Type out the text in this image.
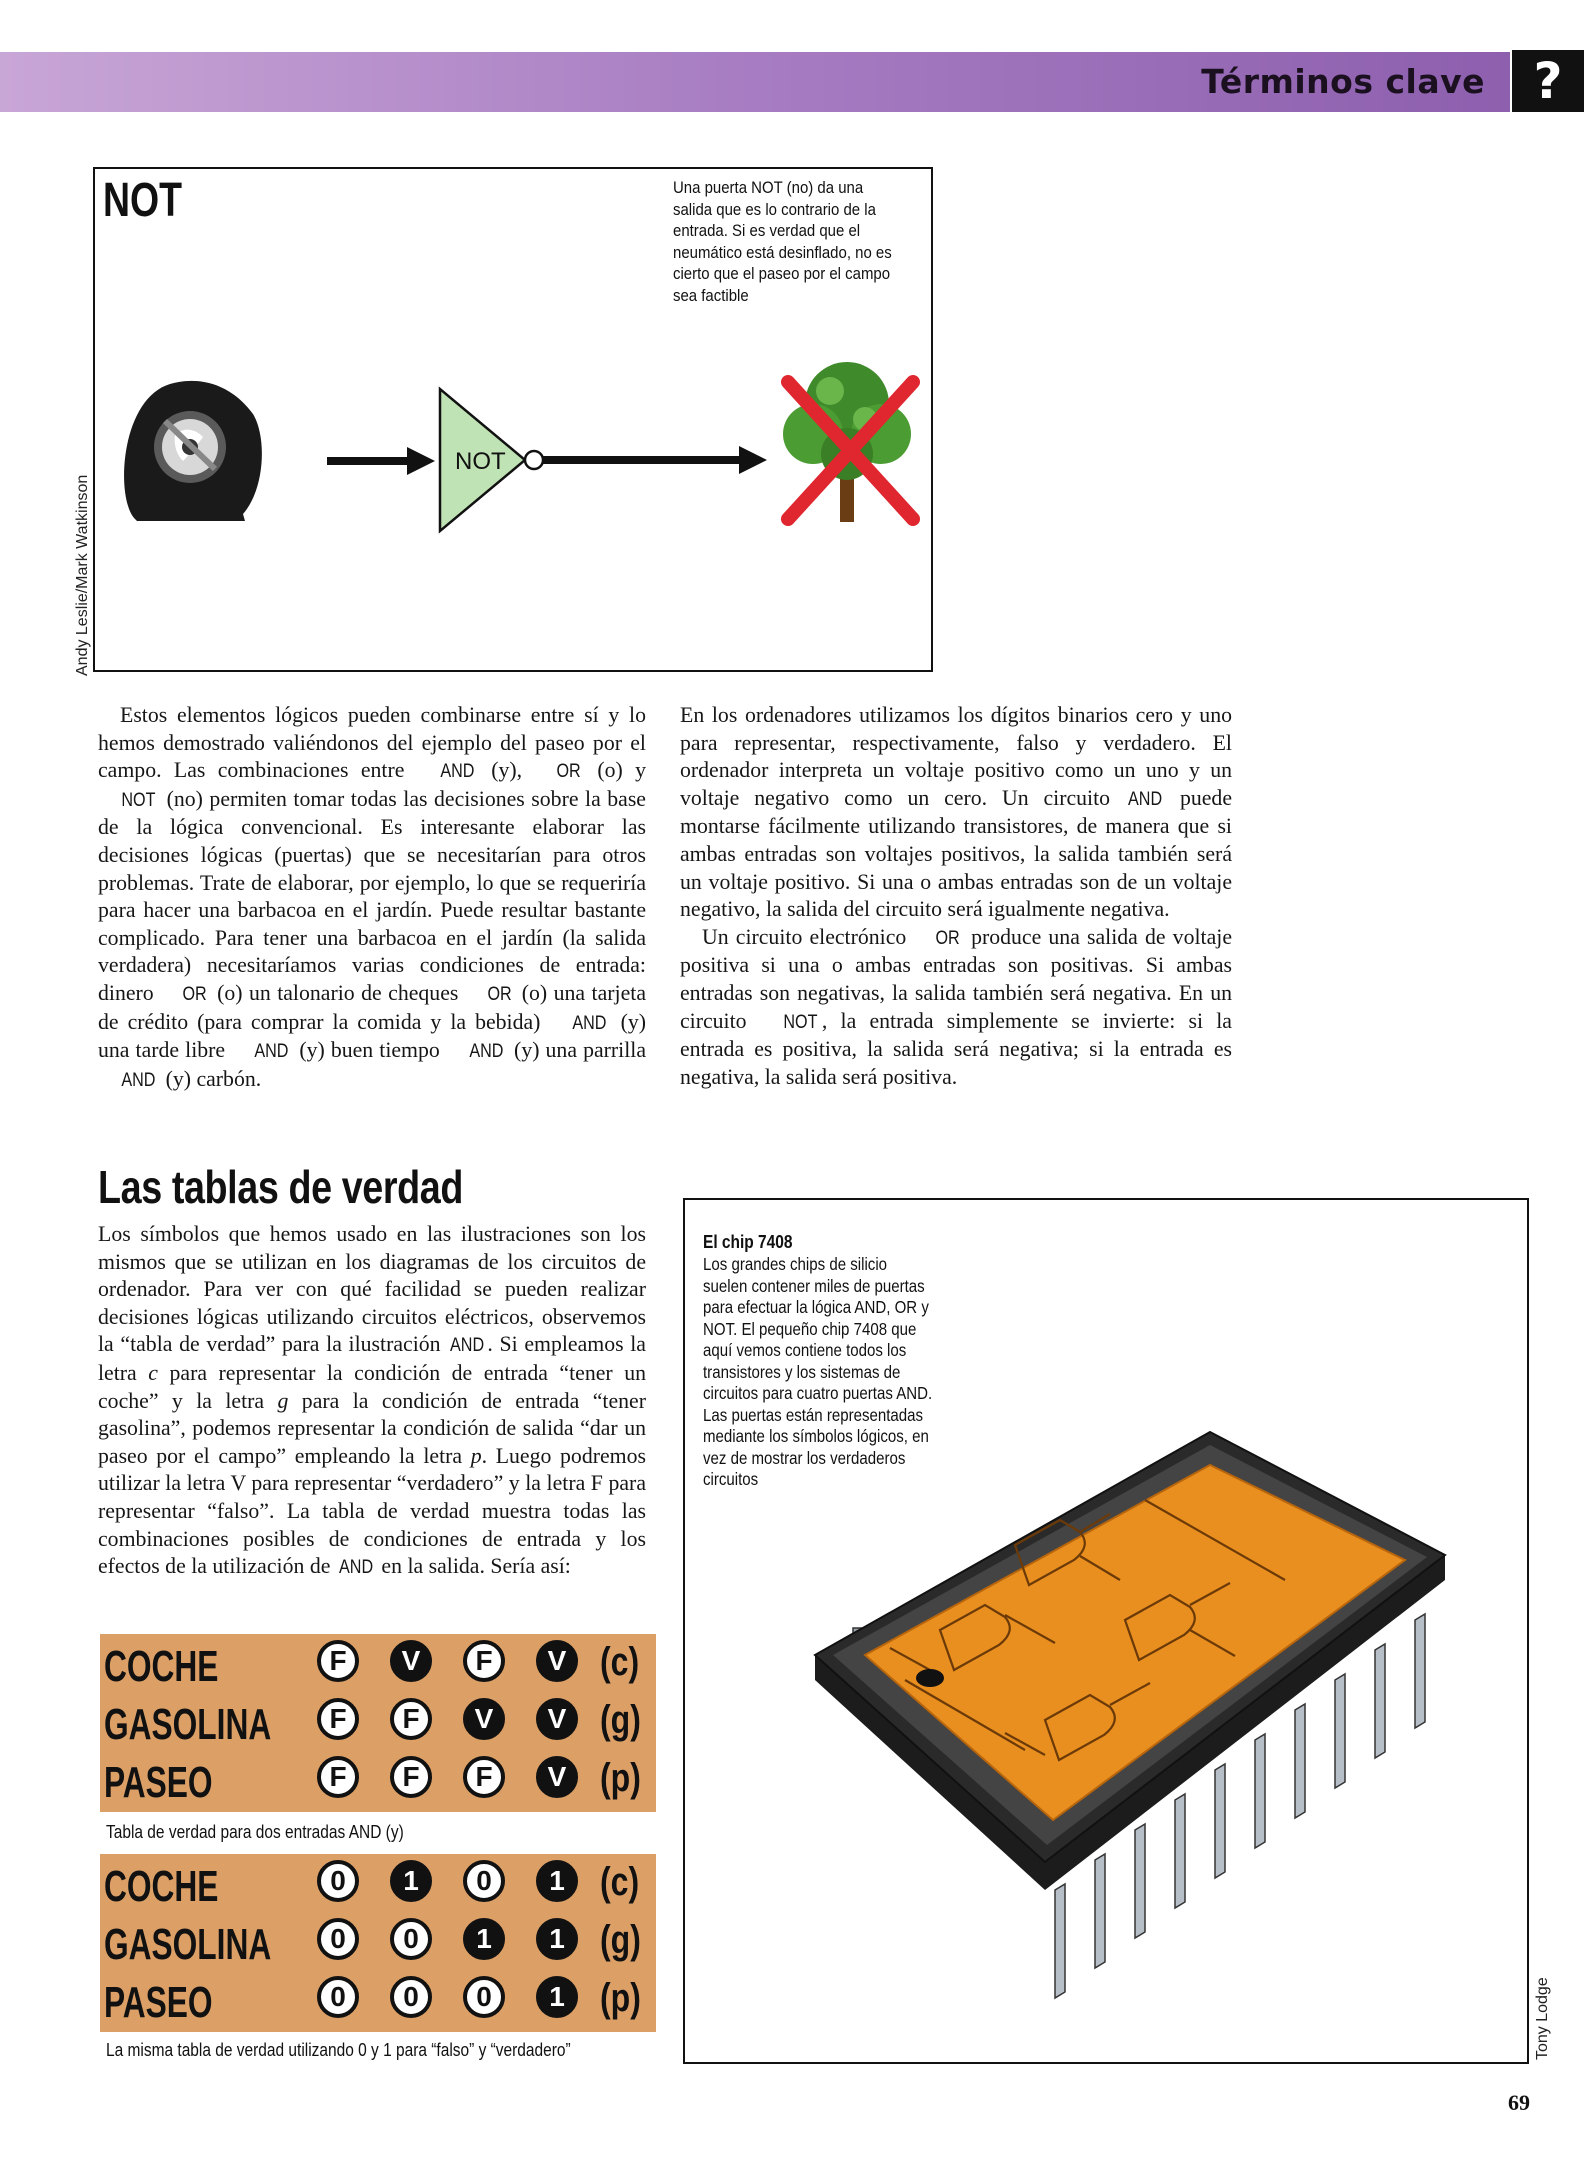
Términos clave ?
Andy Leslie/Mark Watkinson
NOT	Una puerta NOT (no) da una salida que es lo contrario de la entrada. Si es verdad que el neumático está desinflado, no es cierto que el paseo por el campo sea factible
NOT

Estos elementos lógicos pueden combinarse entre sí y lo hemos demostrado valiéndonos del ejemplo del paseo por el campo. Las combinaciones entre AND (y), OR (o) y NOT (no) permiten tomar todas las decisiones sobre la base de la lógica convencional. Es interesante elaborar las decisiones lógicas (puertas) que se necesitarían para otros problemas. Trate de elaborar, por ejemplo, lo que se requeriría para hacer una barbacoa en el jardín. Puede resultar bastante complicado. Para tener una barbacoa en el jardín (la salida verdadera) necesitaríamos varias condiciones de entrada: dinero OR (o) un talonario de cheques OR (o) una tarjeta de crédito (para comprar la comida y la bebida) AND (y) una tarde libre AND (y) buen tiempo AND (y) una parrilla AND (y) carbón.

Las tablas de verdad

Los símbolos que hemos usado en las ilustraciones son los mismos que se utilizan en los diagramas de los circuitos de ordenador. Para ver con qué facilidad se pueden realizar decisiones lógicas utilizando circuitos eléctricos, observemos la “tabla de verdad” para la ilustración AND . Si empleamos la letra c para representar la condición de entrada “tener un coche” y la letra g para la condición de entrada “tener gasolina”, podemos representar la condición de salida “dar un paseo por el campo” empleando la letra p. Luego podremos utilizar la letra V para representar “verdadero” y la letra F para representar “falso”. La tabla de verdad muestra todas las combinaciones posibles de condiciones de entrada y los efectos de la utilización de AND en la salida. Sería así:

En los ordenadores utilizamos los dígitos binarios cero y uno para representar, respectivamente, falso y verdadero. El ordenador interpreta un voltaje positivo como un uno y un voltaje negativo como un cero. Un circuito AND puede montarse fácilmente utilizando transistores, de manera que si ambas entradas son voltajes positivos, la salida también será un voltaje positivo. Si una o ambas entradas son de un voltaje negativo, la salida del circuito será igualmente negativa.

Un circuito electrónico OR produce una salida de voltaje positiva si una o ambas entradas son positivas. Si ambas entradas son negativas, la salida también será negativa. En un circuito NOT , la entrada simplemente se invierte: si la entrada es positiva, la salida será negativa; si la entrada es negativa, la salida será positiva.

COCHE	F	V	F	V (c)
GASOLINA	F	F	V	V (g)
PASEO	F	F	F	V (p)
Tabla de verdad para dos entradas AND (y)
COCHE	0	1	0	1 (c)
GASOLINA	0	0	1	1 (g)
PASEO	0	0	0	1 (p)
La misma tabla de verdad utilizando 0 y 1 para “falso” y “verdadero”
El chip 7408
Los grandes chips de silicio suelen contener miles de puertas para efectuar la lógica AND, OR y NOT. El pequeño chip 7408 que aquí vemos contiene todos los transistores y los sistemas de circuitos para cuatro puertas AND. Las puertas están representadas mediante los símbolos lógicos, en vez de mostrar los verdaderos circuitos
Tony Lodge
69
